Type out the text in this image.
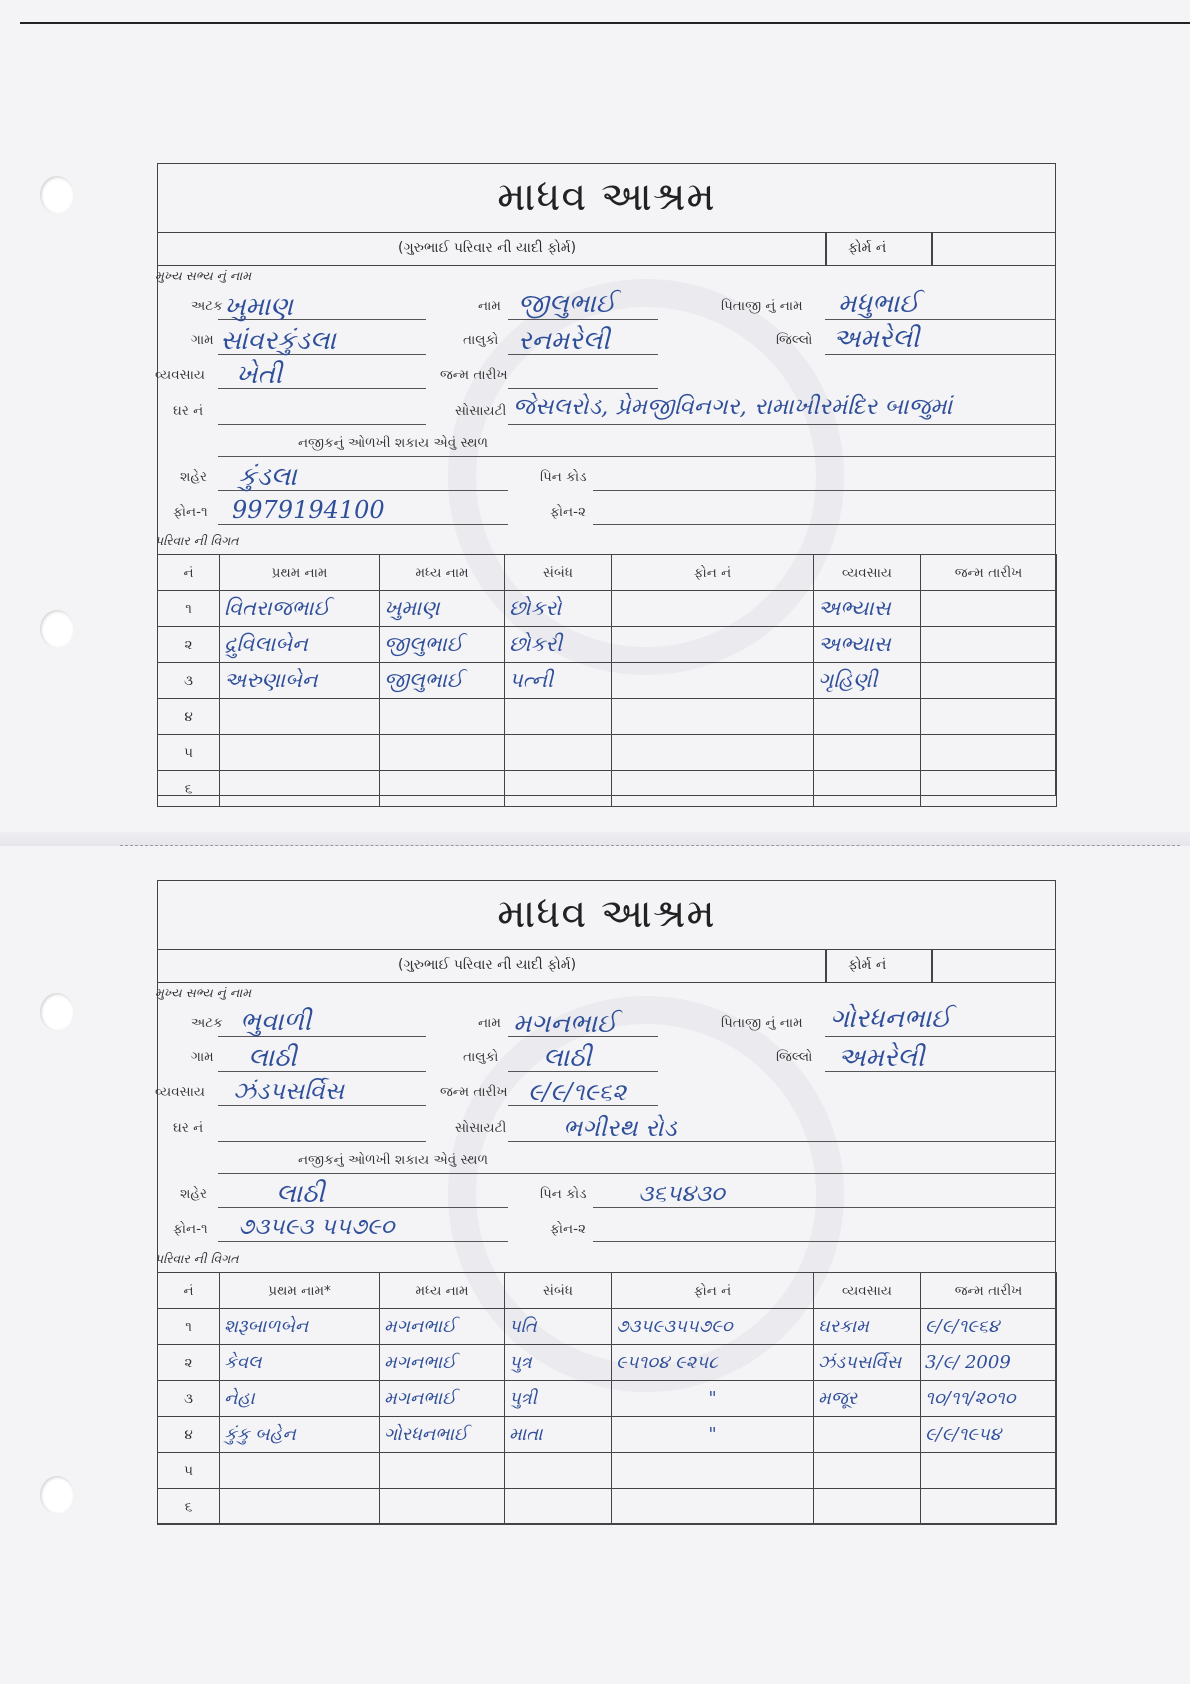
માધવ આશ્રમ
(ગુરુભાઈ પરિવાર ની યાદી ફોર્મ)	ફોર્મ નં
મુખ્ય સભ્ય નું નામ
અટક ખુમાણ	નામ જીલુભાઈ	પિતાજી નું નામ મધુભાઈ
ગામ સાંવરકુંડલા	તાલુકો રનમરેલી	જિલ્લો અમરેલી
વ્યવસાય ખેતી	જન્મ તારીખ
ઘર નં	સોસાયટી જેસલરોડ, પ્રેમજીવિનગર, રામાખીરમંદિર બાજુમાં
નજીકનું ઓળખી શકાય એવું સ્થળ
શહેર કુંડલા	પિન કોડ
ફોન-૧ 9979194100	ફોન-૨
પરિવાર ની વિગત
નં	પ્રથમ નામ	મધ્ય નામ	સંબંધ	ફોન નં	વ્યવસાય	જન્મ તારીખ
૧	વિતરાજભાઈ	ખુમાણ	છોકરો		અભ્યાસ	
૨	દ્રુવિલાબેન	જીલુભાઈ	છોકરી		અભ્યાસ	
૩	અરુણાબેન	જીલુભાઈ	પત્ની		ગૃહિણી	
૪						
૫						
૬						
માધવ આશ્રમ
(ગુરુભાઈ પરિવાર ની યાદી ફોર્મ)	ફોર્મ નં
મુખ્ય સભ્ય નું નામ
અટક ભુવાળી	નામ મગનભાઈ	પિતાજી નું નામ ગોરધનભાઈ
ગામ લાઠી	તાલુકો લાઠી	જિલ્લો અમરેલી
વ્યવસાય ઝંડપસર્વિસ	જન્મ તારીખ ૯/૯/૧૯૬૨
ઘર નં	સોસાયટી ભગીરથ રોડ
નજીકનું ઓળખી શકાય એવું સ્થળ
શહેર	લાઠી	પિન કોડ ૩૬૫૪૩૦
ફોન-૧ ૭૩૫૯૩ ૫૫૭૯૦	ફોન-૨
પરિવાર ની વિગત
નં	પ્રથમ નામ*	મધ્ય નામ	સંબંધ	ફોન નં	વ્યવસાય	જન્મ તારીખ
૧	શરૂબાળબેન	મગનભાઈ	પતિ	૭૩૫૯૩૫૫૭૯૦	ઘરકામ	૯/૯/૧૯૬૪
૨	કેવલ	મગનભાઈ	પુત્ર	૯૫૧૦૪ ૯૨૫૮	ઝંડપસર્વિસ	3/૯/ 2009
૩	નેહા	મગનભાઈ	પુત્રી	"	મજૂર	૧૦/૧૧/૨૦૧૦
૪	કુંકુ બહેન	ગોરધનભાઈ	માતા	"		૯/૯/૧૯૫૪
૫						
૬						
